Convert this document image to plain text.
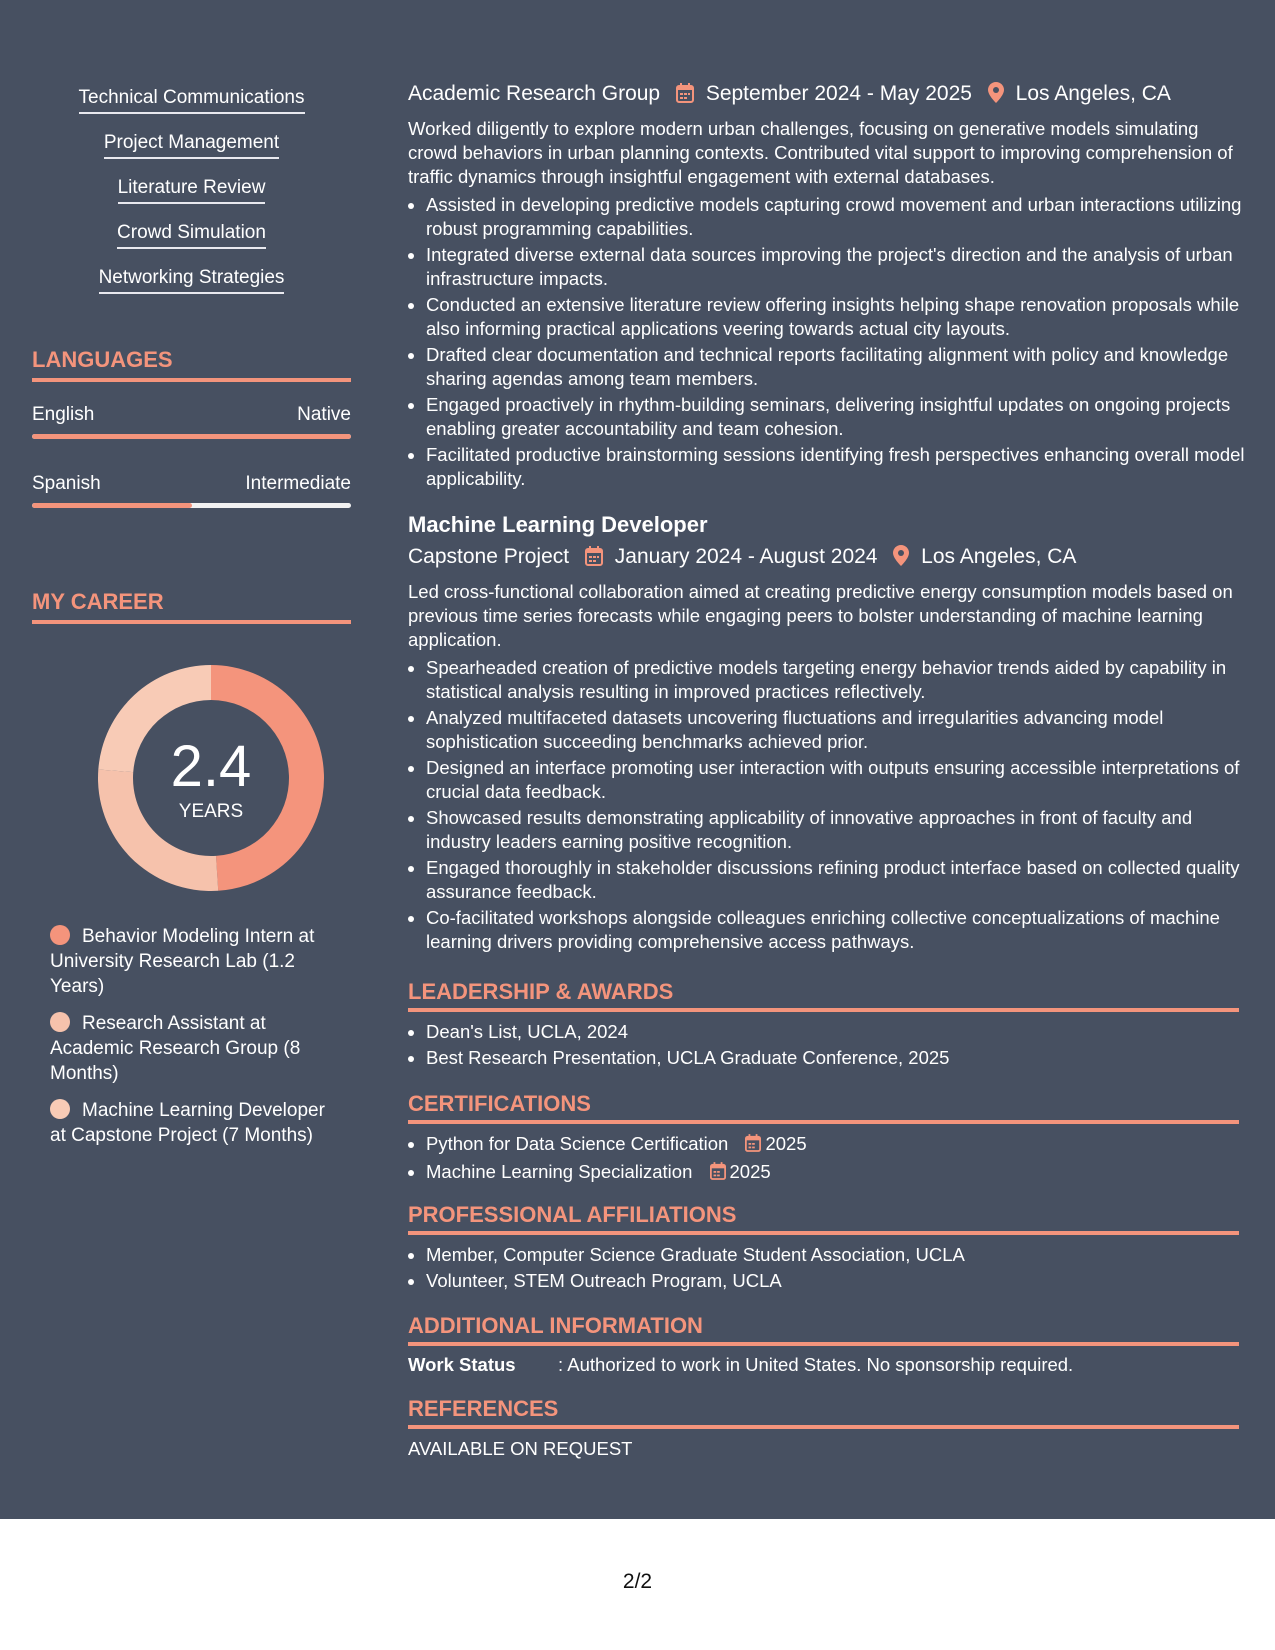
Technical Communications
Project Management
Literature Review
Crowd Simulation
Networking Strategies
LANGUAGES
English	Native
Spanish	Intermediate
MY CAREER
2.4
YEARS
Behavior Modeling Intern at University Research Lab (1.2 Years)
Research Assistant at Academic Research Group (8 Months)
Machine Learning Developer at Capstone Project (7 Months)
Academic Research Group September 2024 - May 2025 Los Angeles, CA
Worked diligently to explore modern urban challenges, focusing on generative models simulating crowd behaviors in urban planning contexts. Contributed vital support to improving comprehension of traffic dynamics through insightful engagement with external databases.
• Assisted in developing predictive models capturing crowd movement and urban interactions utilizing robust programming capabilities.
• Integrated diverse external data sources improving the project's direction and the analysis of urban infrastructure impacts.
• Conducted an extensive literature review offering insights helping shape renovation proposals while also informing practical applications veering towards actual city layouts.
• Drafted clear documentation and technical reports facilitating alignment with policy and knowledge sharing agendas among team members.
• Engaged proactively in rhythm-building seminars, delivering insightful updates on ongoing projects enabling greater accountability and team cohesion.
• Facilitated productive brainstorming sessions identifying fresh perspectives enhancing overall model applicability.
Machine Learning Developer
Capstone Project January 2024 - August 2024 Los Angeles, CA
Led cross-functional collaboration aimed at creating predictive energy consumption models based on previous time series forecasts while engaging peers to bolster understanding of machine learning application.
• Spearheaded creation of predictive models targeting energy behavior trends aided by capability in statistical analysis resulting in improved practices reflectively.
• Analyzed multifaceted datasets uncovering fluctuations and irregularities advancing model sophistication succeeding benchmarks achieved prior.
• Designed an interface promoting user interaction with outputs ensuring accessible interpretations of crucial data feedback.
• Showcased results demonstrating applicability of innovative approaches in front of faculty and industry leaders earning positive recognition.
• Engaged thoroughly in stakeholder discussions refining product interface based on collected quality assurance feedback.
• Co-facilitated workshops alongside colleagues enriching collective conceptualizations of machine learning drivers providing comprehensive access pathways.
LEADERSHIP & AWARDS
• Dean's List, UCLA, 2024
• Best Research Presentation, UCLA Graduate Conference, 2025
CERTIFICATIONS
• Python for Data Science Certification 2025
• Machine Learning Specialization 2025
PROFESSIONAL AFFILIATIONS
• Member, Computer Science Graduate Student Association, UCLA
• Volunteer, STEM Outreach Program, UCLA
ADDITIONAL INFORMATION
Work Status : Authorized to work in United States. No sponsorship required.
REFERENCES
AVAILABLE ON REQUEST
2/2
